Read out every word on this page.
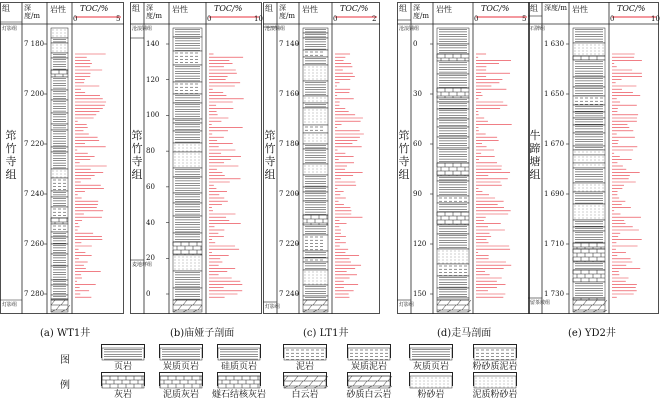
组 深度/m
岩性 TOC/%
0	5
灯影组
筇竹寺组
灯影组
7 180
7 200
7 220
7 240
7 260
7 280
组 深度/m
岩性	TOC/%
0	10
沧浪铺组
筇竹寺组
麦地坪组
140
120
100
80
60
40
20
0
组 深度/m
岩性	TOC/%
0	2
沧浪铺组
筇竹寺组
灯影组
7 140
7 160
7 180
7 200
7 220
7 240
组 深度/m
岩性	TOC/%
0	5
沧浪铺组
筇竹寺组
灯影组
0
30
60
90
120
150
组 深度/m 岩性	TOC/%
0	10
石牌组
牛蹄塘组
留茶坡组
1 630
1 650
1 670
1 690
1 710
1 730
(a) WT1井	(b)庙娅子剖面	(c) LT1井	(d)走马剖面	(e) YD2井
图
例
页岩	炭质页岩	硅质页岩	泥岩	炭质泥岩	灰质页岩	粉砂质泥岩
灰岩	泥质灰岩	燧石结核灰岩	白云岩	砂质白云岩	粉砂岩	泥质粉砂岩
